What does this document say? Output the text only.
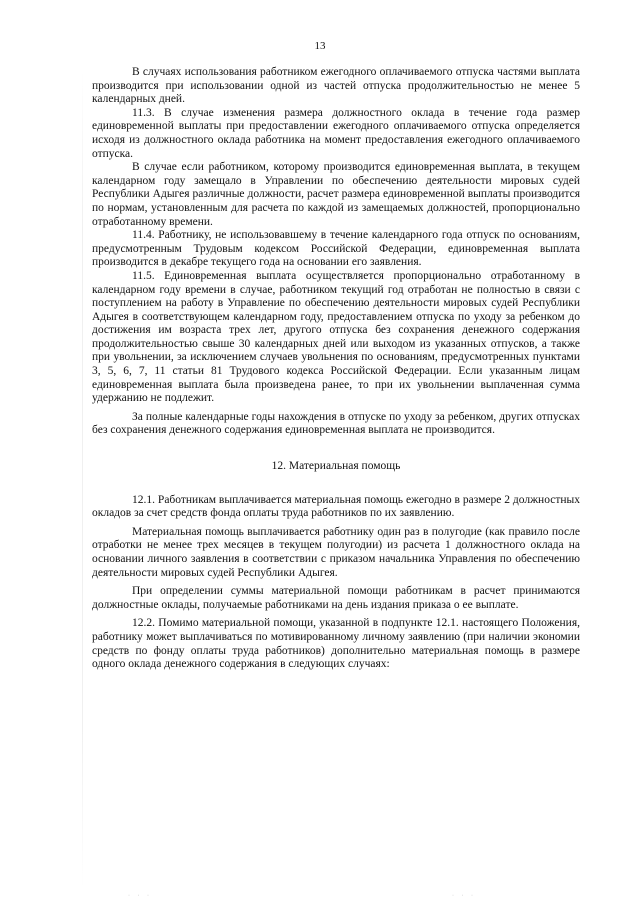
13

В случаях использования работником ежегодного оплачиваемого отпуска частями выплата производится при использовании одной из частей отпуска продолжительностью не менее 5 календарных дней.

11.3. В случае изменения размера должностного оклада в течение года размер единовременной выплаты при предоставлении ежегодного оплачиваемого отпуска определяется исходя из должностного оклада работника на момент предоставления ежегодного оплачиваемого отпуска.

В случае если работником, которому производится единовременная выплата, в текущем календарном году замещало в Управлении по обеспечению деятельности мировых судей Республики Адыгея различные должности, расчет размера единовременной выплаты производится по нормам, установленным для расчета по каждой из замещаемых должностей, пропорционально отработанному времени.

11.4. Работнику, не использовавшему в течение календарного года отпуск по основаниям, предусмотренным Трудовым кодексом Российской Федерации, единовременная выплата производится в декабре текущего года на основании его заявления.

11.5. Единовременная выплата осуществляется пропорционально отработанному в календарном году времени в случае, работником текущий год отработан не полностью в связи с поступлением на работу в Управление по обеспечению деятельности мировых судей Республики Адыгея в соответствующем календарном году, предоставлением отпуска по уходу за ребенком до достижения им возраста трех лет, другого отпуска без сохранения денежного содержания продолжительностью свыше 30 календарных дней или выходом из указанных отпусков, а также при увольнении, за исключением случаев увольнения по основаниям, предусмотренных пунктами 3, 5, 6, 7, 11 статьи 81 Трудового кодекса Российской Федерации. Если указанным лицам единовременная выплата была произведена ранее, то при их увольнении выплаченная сумма удержанию не подлежит.

За полные календарные годы нахождения в отпуске по уходу за ребенком, других отпусках без сохранения денежного содержания единовременная выплата не производится.

12. Материальная помощь

12.1. Работникам выплачивается материальная помощь ежегодно в размере 2 должностных окладов за счет средств фонда оплаты труда работников по их заявлению.

Материальная помощь выплачивается работнику один раз в полугодие (как правило после отработки не менее трех месяцев в текущем полугодии) из расчета 1 должностного оклада на основании личного заявления в соответствии с приказом начальника Управления по обеспечению деятельности мировых судей Республики Адыгея.

При определении суммы материальной помощи работникам в расчет принимаются должностные оклады, получаемые работниками на день издания приказа о ее выплате.

12.2. Помимо материальной помощи, указанной в подпункте 12.1. настоящего Положения, работнику может выплачиваться по мотивированному личному заявлению (при наличии экономии средств по фонду оплаты труда работников) дополнительно материальная помощь в размере одного оклада денежного содержания в следующих случаях:

· · ·	· · ·
